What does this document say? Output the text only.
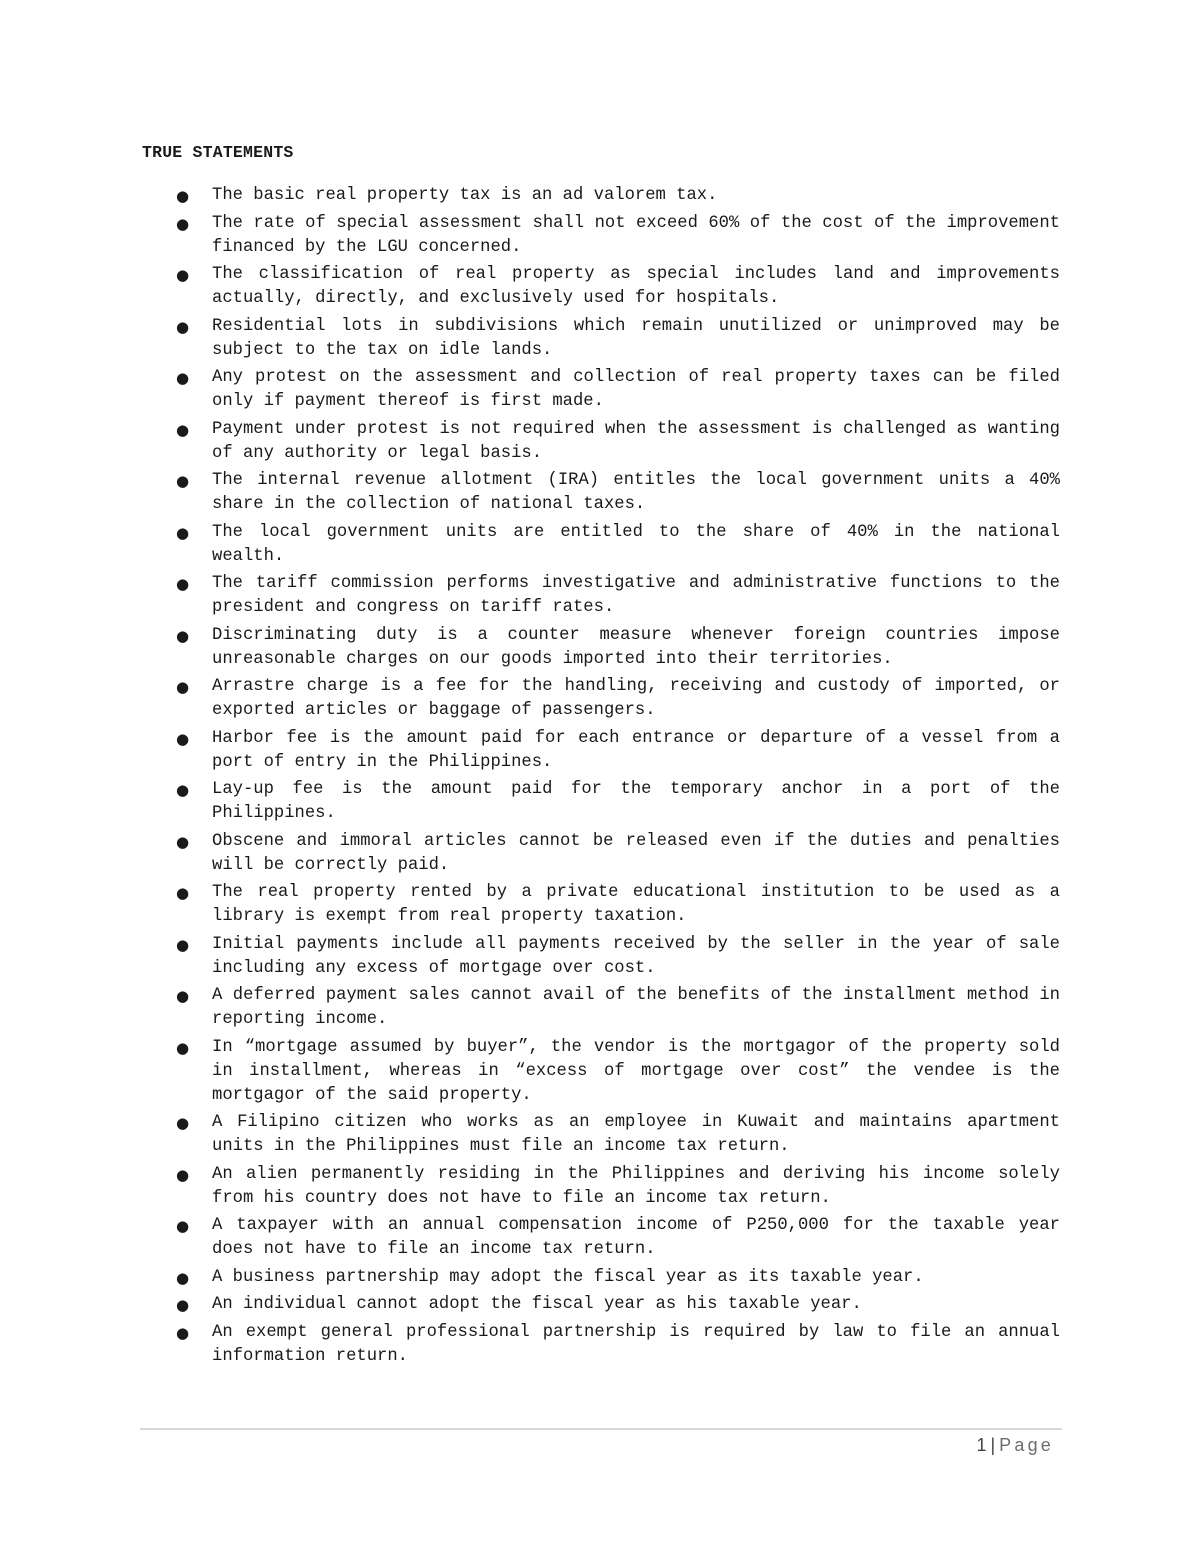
TRUE STATEMENTS
● The basic real property tax is an ad valorem tax.
● The rate of special assessment shall not exceed 60% of the cost of the improvement financed by the LGU concerned.
● The classification of real property as special includes land and improvements actually, directly, and exclusively used for hospitals.
● Residential lots in subdivisions which remain unutilized or unimproved may be subject to the tax on idle lands.
● Any protest on the assessment and collection of real property taxes can be filed only if payment thereof is first made.
● Payment under protest is not required when the assessment is challenged as wanting of any authority or legal basis.
● The internal revenue allotment (IRA) entitles the local government units a 40% share in the collection of national taxes.
● The local government units are entitled to the share of 40% in the national wealth.
● The tariff commission performs investigative and administrative functions to the president and congress on tariff rates.
● Discriminating duty is a counter measure whenever foreign countries impose unreasonable charges on our goods imported into their territories.
● Arrastre charge is a fee for the handling, receiving and custody of imported, or exported articles or baggage of passengers.
● Harbor fee is the amount paid for each entrance or departure of a vessel from a port of entry in the Philippines.
● Lay-up fee is the amount paid for the temporary anchor in a port of the Philippines.
● Obscene and immoral articles cannot be released even if the duties and penalties will be correctly paid.
● The real property rented by a private educational institution to be used as a library is exempt from real property taxation.
● Initial payments include all payments received by the seller in the year of sale including any excess of mortgage over cost.
● A deferred payment sales cannot avail of the benefits of the installment method in reporting income.
● In “mortgage assumed by buyer”, the vendor is the mortgagor of the property sold in installment, whereas in “excess of mortgage over cost” the vendee is the mortgagor of the said property.
● A Filipino citizen who works as an employee in Kuwait and maintains apartment units in the Philippines must file an income tax return.
● An alien permanently residing in the Philippines and deriving his income solely from his country does not have to file an income tax return.
● A taxpayer with an annual compensation income of P250,000 for the taxable year does not have to file an income tax return.
● A business partnership may adopt the fiscal year as its taxable year.
● An individual cannot adopt the fiscal year as his taxable year.
● An exempt general professional partnership is required by law to file an annual information return.
1 | Page
